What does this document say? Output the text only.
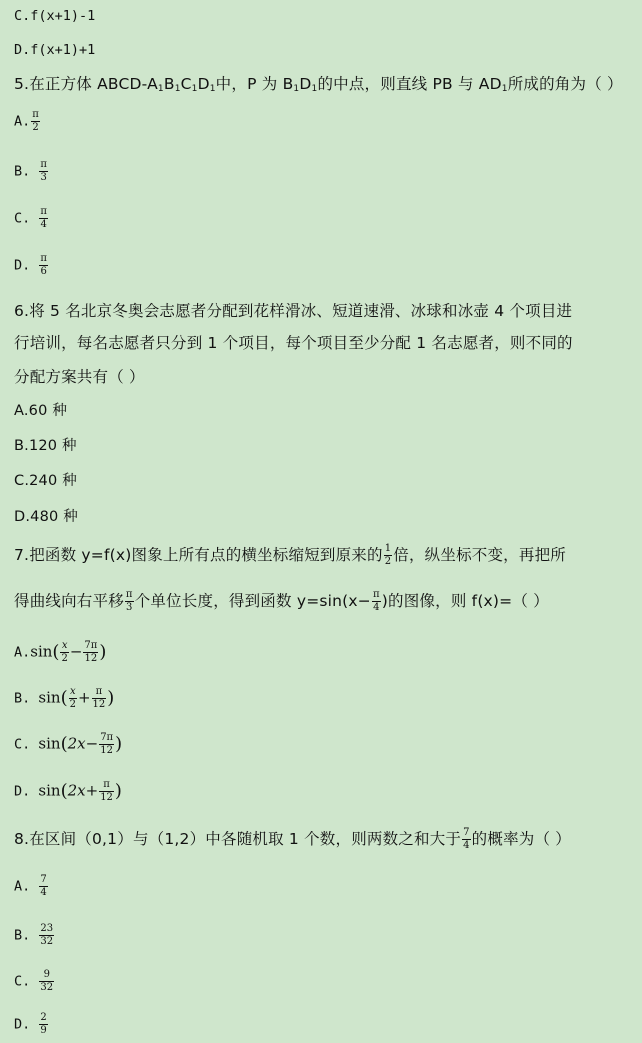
C.f(x+1)-1
D.f(x+1)+1
5.在正方体 ABCD-$A_1B_1C_1D_1$中，P 为 $B_1D_1$的中点，则直线 PB 与 $AD_1$所成的角为（ ）
A. $\frac{\pi}{2}$
B. $\frac{\pi}{3}$
C. $\frac{\pi}{4}$
D. $\frac{\pi}{6}$
6.将 5 名北京冬奥会志愿者分配到花样滑冰、短道速滑、冰球和冰壶 4 个项目进
行培训，每名志愿者只分到 1 个项目，每个项目至少分配 1 名志愿者，则不同的
分配方案共有（ ）
A.60 种
B.120 种
C.240 种
D.480 种
7.把函数 y=f(x)图象上所有点的横坐标缩短到原来的 $\frac{1}{2}$ 倍，纵坐标不变，再把所
得曲线向右平移 $\frac{\pi}{3}$ 个单位长度，得到函数 $y=\sin(x- \frac{\pi}{4}$ )的图像，则 f(x)=（ ）
$A.\sin( \frac{x}{2} - \frac{7\pi}{12}$ )
B. $\sin( \frac{x}{2} + \frac{\pi}{12}$ )
C. $\sin(2x- \frac{7\pi}{12}$ )
D. $\sin(2x+ \frac{\pi}{12}$ )
8.在区间（0,1）与（1,2）中各随机取 1 个数，则两数之和大于 $\frac{7}{4}$ 的概率为（ ）
A. $\frac{7}{4}$
B. $\frac{23}{32}$
C. $\frac{9}{32}$
D. $\frac{2}{9}$
